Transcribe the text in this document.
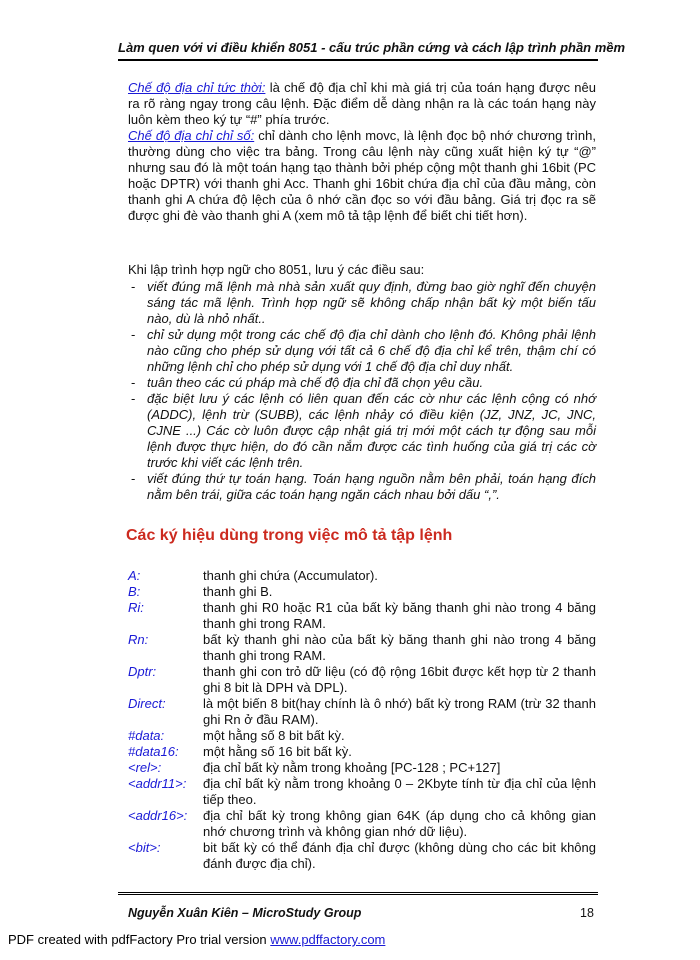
Làm quen với vi điều khiển 8051 - cấu trúc phần cứng và cách lập trình phần mềm
Chế độ địa chỉ tức thời: là chế độ địa chỉ khi mà giá trị của toán hạng được nêu ra rõ ràng ngay trong câu lệnh. Đặc điểm dễ dàng nhận ra là các toán hạng này luôn kèm theo ký tự “#” phía trước.
Chế độ địa chỉ chỉ số: chỉ dành cho lệnh movc, là lệnh đọc bộ nhớ chương trình, thường dùng cho việc tra bảng. Trong câu lệnh này cũng xuất hiện ký tự “@” nhưng sau đó là một toán hạng tạo thành bởi phép cộng một thanh ghi 16bit (PC hoặc DPTR) với thanh ghi Acc. Thanh ghi 16bit chứa địa chỉ của đầu mảng, còn thanh ghi A chứa độ lệch của ô nhớ cần đọc so với đầu bảng. Giá trị đọc ra sẽ được ghi đè vào thanh ghi A (xem mô tả tập lệnh để biết chi tiết hơn).
Khi lập trình hợp ngữ cho 8051, lưu ý các điều sau:
- viết đúng mã lệnh mà nhà sản xuất quy định, đừng bao giờ nghĩ đến chuyện sáng tác mã lệnh. Trình hợp ngữ sẽ không chấp nhận bất kỳ một biến tấu nào, dù là nhỏ nhất..
- chỉ sử dụng một trong các chế độ địa chỉ dành cho lệnh đó. Không phải lệnh nào cũng cho phép sử dụng với tất cả 6 chế độ địa chỉ kể trên, thậm chí có những lệnh chỉ cho phép sử dụng với 1 chế độ địa chỉ duy nhất.
- tuân theo các cú pháp mà chế độ địa chỉ đã chọn yêu cầu.
- đặc biệt lưu ý các lệnh có liên quan đến các cờ như các lệnh cộng có nhớ (ADDC), lệnh trừ (SUBB), các lệnh nhảy có điều kiện (JZ, JNZ, JC, JNC, CJNE ...) Các cờ luôn được cập nhật giá trị mới một cách tự động sau mỗi lệnh được thực hiện, do đó cần nắm được các tình huống của giá trị các cờ trước khi viết các lệnh trên.
- viết đúng thứ tự toán hạng. Toán hạng nguồn nằm bên phải, toán hạng đích nằm bên trái, giữa các toán hạng ngăn cách nhau bởi dấu “,”.
Các ký hiệu dùng trong việc mô tả tập lệnh
A:	thanh ghi chứa (Accumulator).
B:	thanh ghi B.
Ri:	thanh ghi R0 hoặc R1 của bất kỳ băng thanh ghi nào trong 4 băng thanh ghi trong RAM.
Rn:	bất kỳ thanh ghi nào của bất kỳ băng thanh ghi nào trong 4 băng thanh ghi trong RAM.
Dptr:	thanh ghi con trỏ dữ liệu (có độ rộng 16bit được kết hợp từ 2 thanh ghi 8 bit là DPH và DPL).
Direct:	là một biến 8 bit(hay chính là ô nhớ) bất kỳ trong RAM (trừ 32 thanh ghi Rn ở đầu RAM).
#data:	một hằng số 8 bit bất kỳ.
#data16:	một hằng số 16 bit bất kỳ.
<rel>:	địa chỉ bất kỳ nằm trong khoảng [PC-128 ; PC+127]
<addr11>:	địa chỉ bất kỳ nằm trong khoảng 0 – 2Kbyte tính từ địa chỉ của lệnh tiếp theo.
<addr16>:	địa chỉ bất kỳ trong không gian 64K (áp dụng cho cả không gian nhớ chương trình và không gian nhớ dữ liệu).
<bit>:	bit bất kỳ có thể đánh địa chỉ được (không dùng cho các bit không đánh được địa chỉ).
Nguyễn Xuân Kiên – MicroStudy Group	18
PDF created with pdfFactory Pro trial version www.pdffactory.com
